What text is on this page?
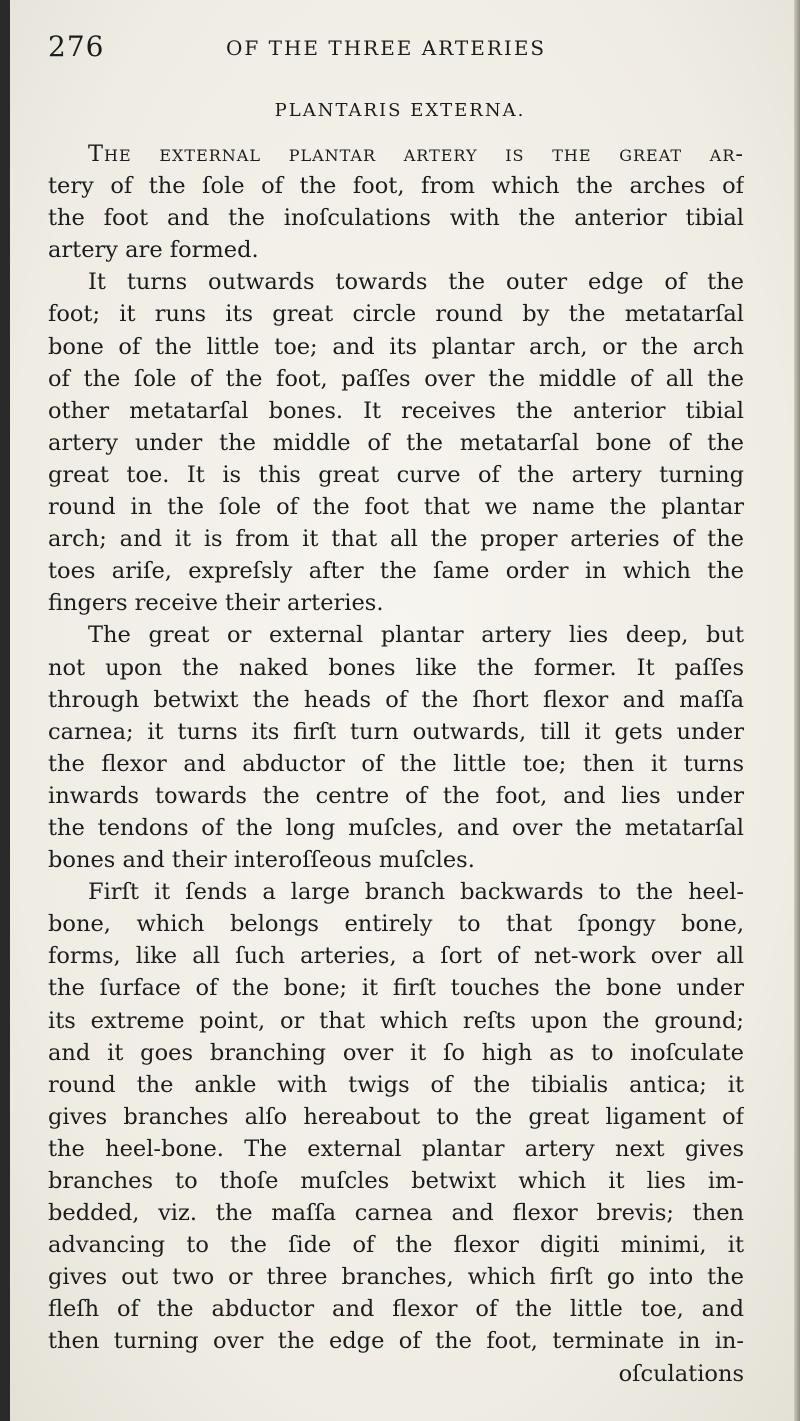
276	OF THE THREE ARTERIES
PLANTARIS EXTERNA.
The external plantar artery is the great ar-
tery of the ſole of the foot, from which the arches of
the foot and the inoſculations with the anterior tibial
artery are formed.
It turns outwards towards the outer edge of the
foot; it runs its great circle round by the metatarſal
bone of the little toe; and its plantar arch, or the arch
of the ſole of the foot, paſſes over the middle of all the
other metatarſal bones. It receives the anterior tibial
artery under the middle of the metatarſal bone of the
great toe. It is this great curve of the artery turning
round in the ſole of the foot that we name the plantar
arch; and it is from it that all the proper arteries of the
toes ariſe, expreſsly after the ſame order in which the
fingers receive their arteries.
The great or external plantar artery lies deep, but
not upon the naked bones like the former. It paſſes
through betwixt the heads of the ſhort flexor and maſſa
carnea; it turns its firſt turn outwards, till it gets under
the flexor and abductor of the little toe; then it turns
inwards towards the centre of the foot, and lies under
the tendons of the long muſcles, and over the metatarſal
bones and their interoſſeous muſcles.
Firſt it ſends a large branch backwards to the heel-
bone, which belongs entirely to that ſpongy bone,
forms, like all ſuch arteries, a ſort of net-work over all
the ſurface of the bone; it firſt touches the bone under
its extreme point, or that which reſts upon the ground;
and it goes branching over it ſo high as to inoſculate
round the ankle with twigs of the tibialis antica; it
gives branches alſo hereabout to the great ligament of
the heel-bone. The external plantar artery next gives
branches to thoſe muſcles betwixt which it lies im-
bedded, viz. the maſſa carnea and flexor brevis; then
advancing to the ſide of the flexor digiti minimi, it
gives out two or three branches, which firſt go into the
fleſh of the abductor and flexor of the little toe, and
then turning over the edge of the foot, terminate in in-
oſculations
